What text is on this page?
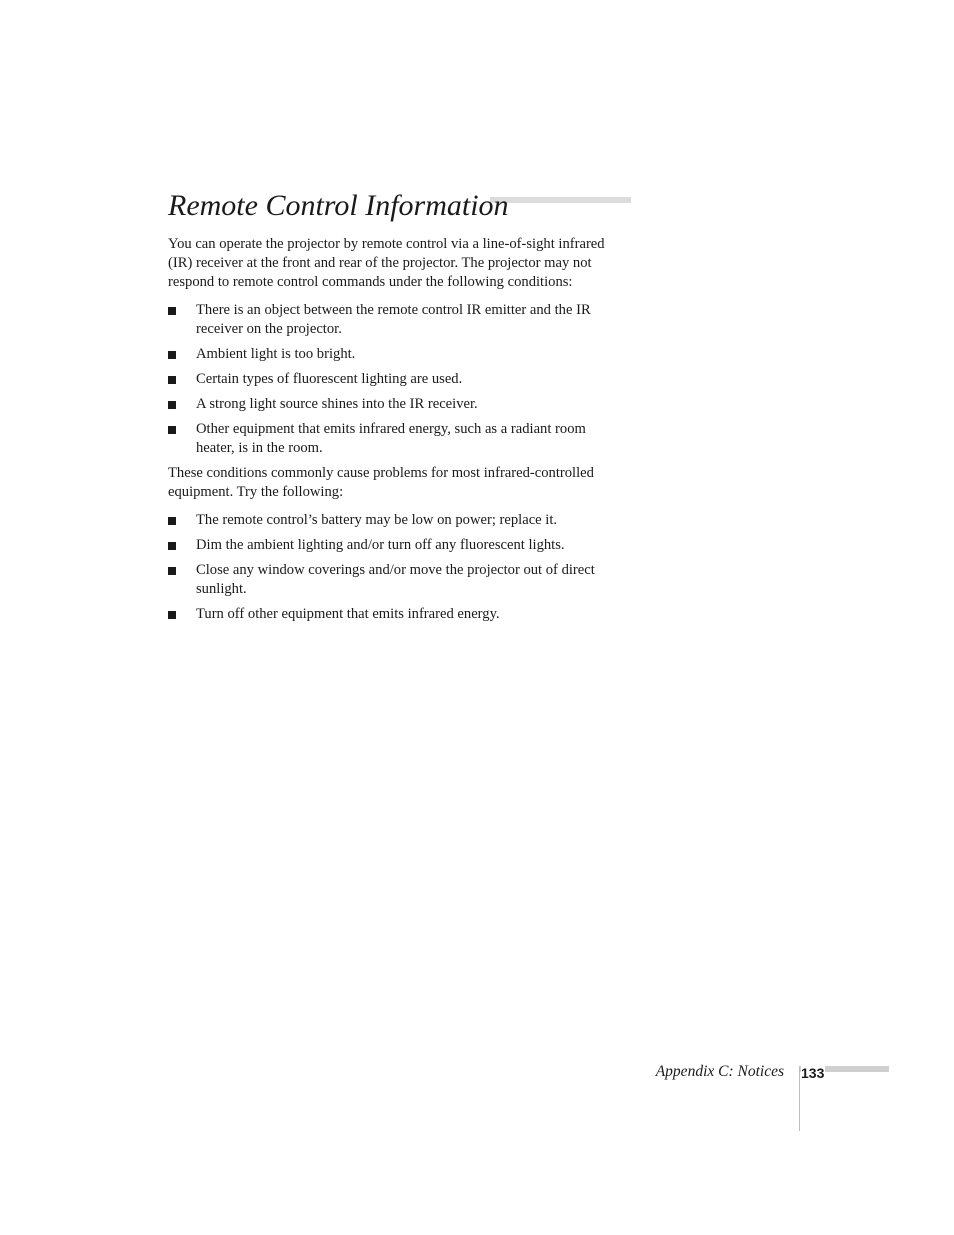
Remote Control Information

You can operate the projector by remote control via a line-of-sight infrared (IR) receiver at the front and rear of the projector. The projector may not respond to remote control commands under the following conditions:

There is an object between the remote control IR emitter and the IR receiver on the projector.
Ambient light is too bright.
Certain types of fluorescent lighting are used.
A strong light source shines into the IR receiver.
Other equipment that emits infrared energy, such as a radiant room heater, is in the room.

These conditions commonly cause problems for most infrared-controlled equipment. Try the following:

The remote control’s battery may be low on power; replace it.
Dim the ambient lighting and/or turn off any fluorescent lights.
Close any window coverings and/or move the projector out of direct sunlight.
Turn off other equipment that emits infrared energy.
Appendix C: Notices 133
